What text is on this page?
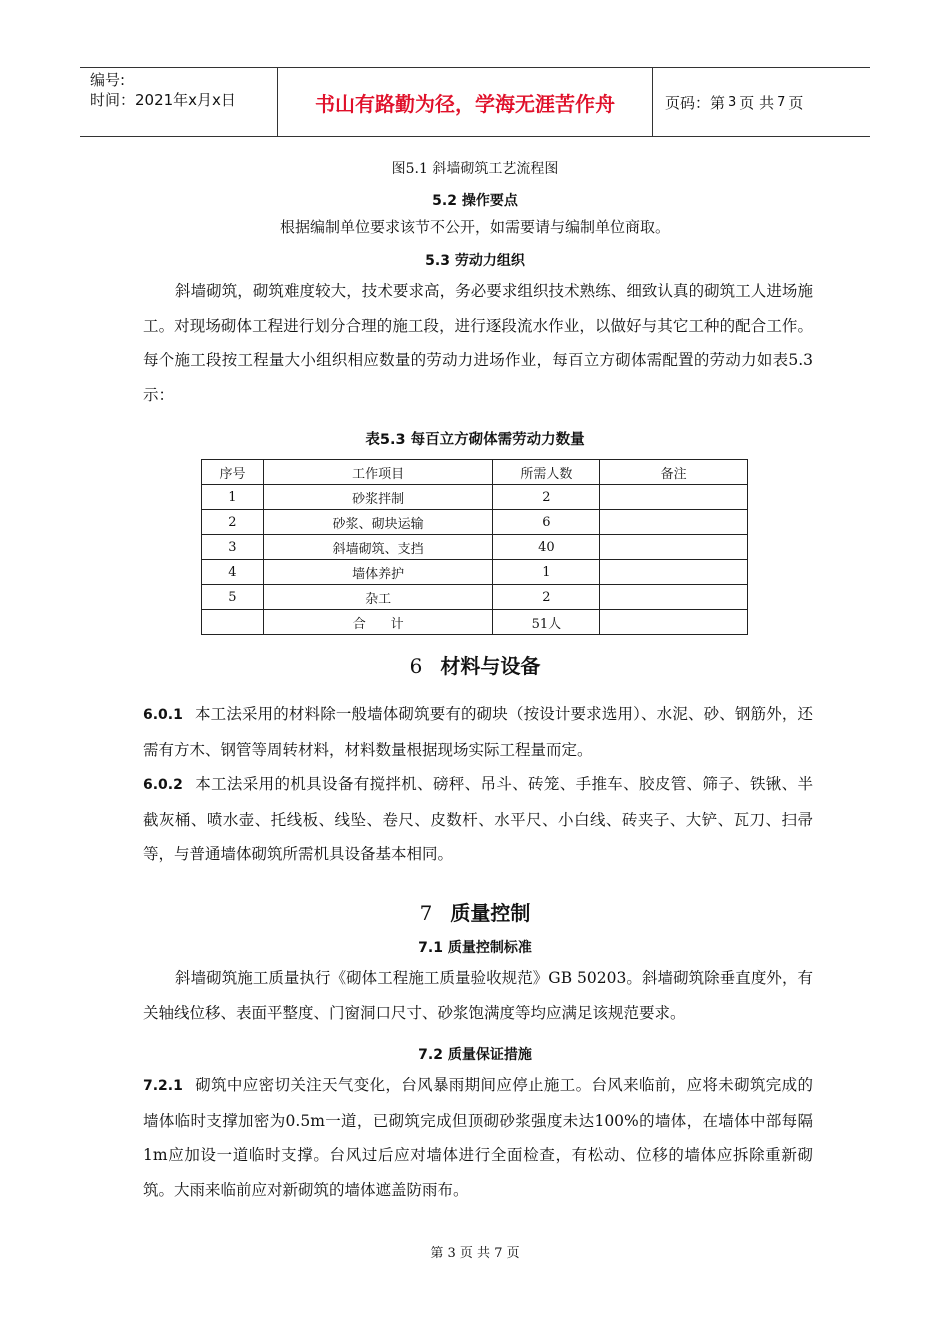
编号:
时间：2021年x月x日	书山有路勤为径，学海无涯苦作舟	页码：第 3 页 共 7 页
图5.1 斜墙砌筑工艺流程图
5.2 操作要点
根据编制单位要求该节不公开，如需要请与编制单位商取。
5.3 劳动力组织
斜墙砌筑，砌筑难度较大，技术要求高，务必要求组织技术熟练、细致认真的砌筑工人进场施工。对现场砌体工程进行划分合理的施工段，进行逐段流水作业，以做好与其它工种的配合工作。每个施工段按工程量大小组织相应数量的劳动力进场作业，每百立方砌体需配置的劳动力如表5.3示：
表5.3 每百立方砌体需劳动力数量
序号	工作项目	所需人数	备注
1	砂浆拌制	2	
2	砂浆、砌块运输	6	
3	斜墙砌筑、支挡	40	
4	墙体养护	1	
5	杂工	2	
	合      计	51人	
6 材料与设备
6.0.1 本工法采用的材料除一般墙体砌筑要有的砌块（按设计要求选用）、水泥、砂、钢筋外，还需有方木、钢管等周转材料，材料数量根据现场实际工程量而定。
6.0.2 本工法采用的机具设备有搅拌机、磅秤、吊斗、砖笼、手推车、胶皮管、筛子、铁锹、半截灰桶、喷水壶、托线板、线坠、卷尺、皮数杆、水平尺、小白线、砖夹子、大铲、瓦刀、扫帚等，与普通墙体砌筑所需机具设备基本相同。
7 质量控制
7.1 质量控制标准
斜墙砌筑施工质量执行《砌体工程施工质量验收规范》GB 50203。斜墙砌筑除垂直度外，有关轴线位移、表面平整度、门窗洞口尺寸、砂浆饱满度等均应满足该规范要求。
7.2 质量保证措施
7.2.1 砌筑中应密切关注天气变化，台风暴雨期间应停止施工。台风来临前，应将未砌筑完成的墙体临时支撑加密为0.5m一道，已砌筑完成但顶砌砂浆强度未达100%的墙体，在墙体中部每隔1m应加设一道临时支撑。台风过后应对墙体进行全面检查，有松动、位移的墙体应拆除重新砌筑。大雨来临前应对新砌筑的墙体遮盖防雨布。
第 3 页 共 7 页
